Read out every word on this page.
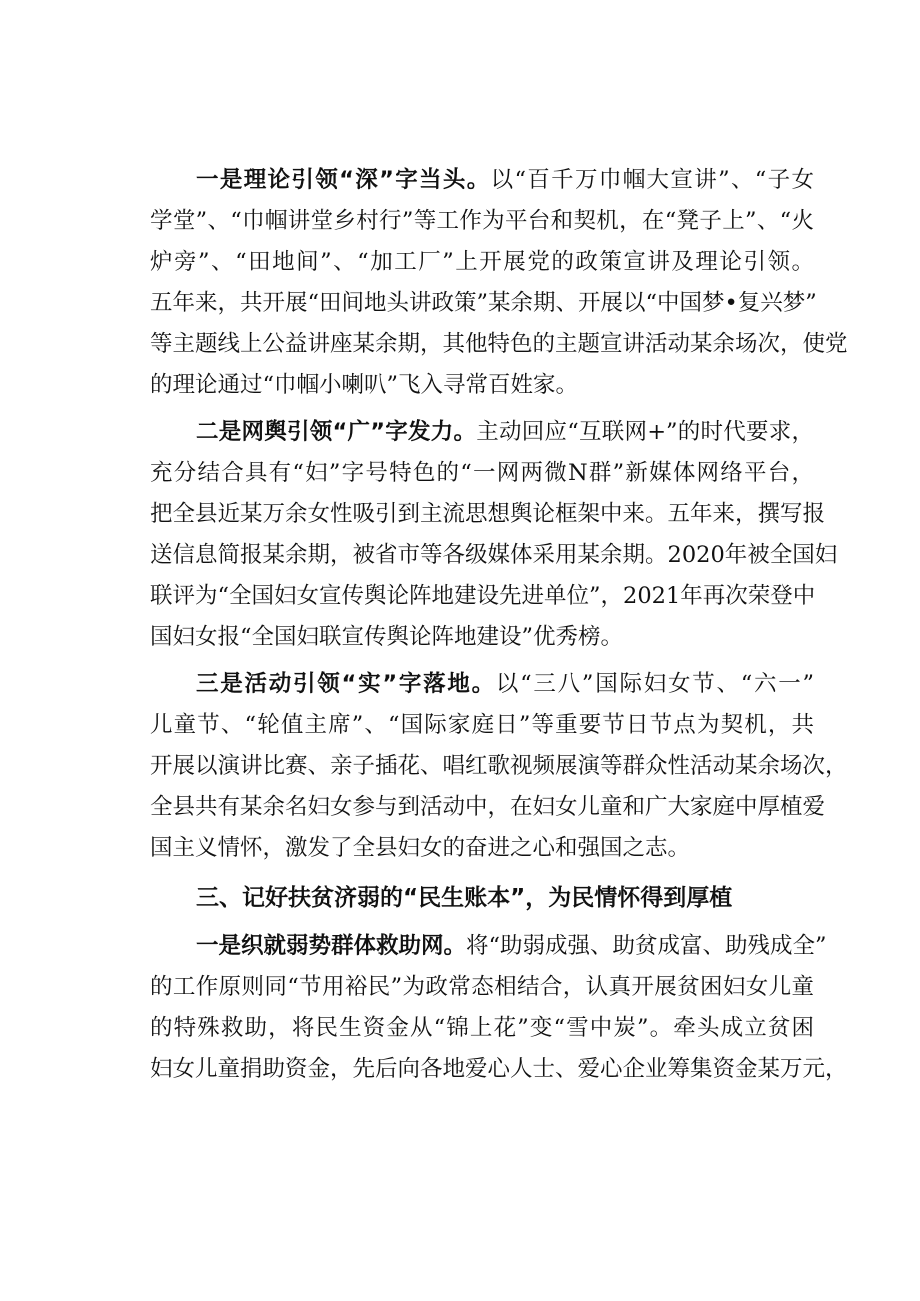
一是理论引领“深”字当头。以“百千万巾帼大宣讲”、“子女
学堂”、“巾帼讲堂乡村行”等工作为平台和契机，在“凳子上”、“火
炉旁”、“田地间”、“加工厂”上开展党的政策宣讲及理论引领。
五年来，共开展“田间地头讲政策”某余期、开展以“中国梦•复兴梦”
等主题线上公益讲座某余期，其他特色的主题宣讲活动某余场次，使党
的理论通过“巾帼小喇叭”飞入寻常百姓家。
二是网舆引领“广”字发力。主动回应“互联网+”的时代要求，
充分结合具有“妇”字号特色的“一网两微N群”新媒体网络平台，
把全县近某万余女性吸引到主流思想舆论框架中来。五年来，撰写报
送信息简报某余期，被省市等各级媒体采用某余期。2020年被全国妇
联评为“全国妇女宣传舆论阵地建设先进单位”，2021年再次荣登中
国妇女报“全国妇联宣传舆论阵地建设”优秀榜。
三是活动引领“实”字落地。以“三八”国际妇女节、“六一”
儿童节、“轮值主席”、“国际家庭日”等重要节日节点为契机，共
开展以演讲比赛、亲子插花、唱红歌视频展演等群众性活动某余场次，
全县共有某余名妇女参与到活动中，在妇女儿童和广大家庭中厚植爱
国主义情怀，激发了全县妇女的奋进之心和强国之志。
三、记好扶贫济弱的“民生账本”，为民情怀得到厚植
一是织就弱势群体救助网。将“助弱成强、助贫成富、助残成全”
的工作原则同“节用裕民”为政常态相结合，认真开展贫困妇女儿童
的特殊救助，将民生资金从“锦上花”变“雪中炭”。牵头成立贫困
妇女儿童捐助资金，先后向各地爱心人士、爱心企业筹集资金某万元，
